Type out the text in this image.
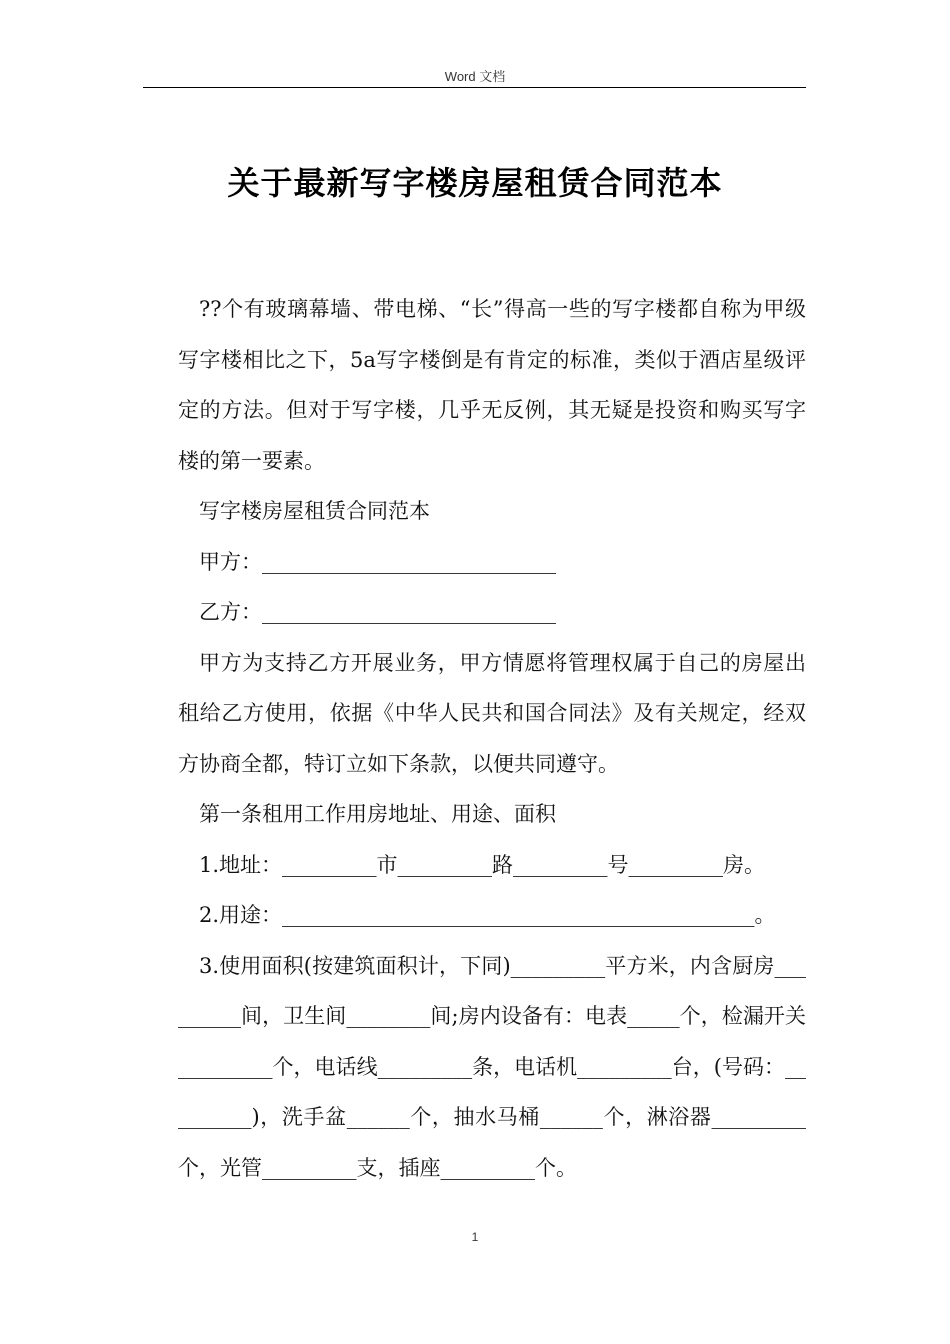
Word 文档
关于最新写字楼房屋租赁合同范本

??个有玻璃幕墙、带电梯、“长”得高一些的写字楼都自称为甲级写字楼相比之下，5a写字楼倒是有肯定的标准，类似于酒店星级评定的方法。但对于写字楼，几乎无反例，其无疑是投资和购买写字楼的第一要素。

写字楼房屋租赁合同范本

甲方：____________________________

乙方：____________________________

甲方为支持乙方开展业务，甲方情愿将管理权属于自己的房屋出租给乙方使用，依据《中华人民共和国合同法》及有关规定，经双方协商全都，特订立如下条款，以便共同遵守。

第一条租用工作用房地址、用途、面积

1.地址：_________市_________路_________号_________房。

2.用途：_____________________________________________。

3.使用面积(按建筑面积计，下同)_________平方米，内含厨房_________间，卫生间________间;房内设备有：电表_____个，检漏开关_________个，电话线_________条，电话机_________台，(号码：_________)，洗手盆______个，抽水马桶______个，淋浴器_________个，光管_________支，插座_________个。

1
